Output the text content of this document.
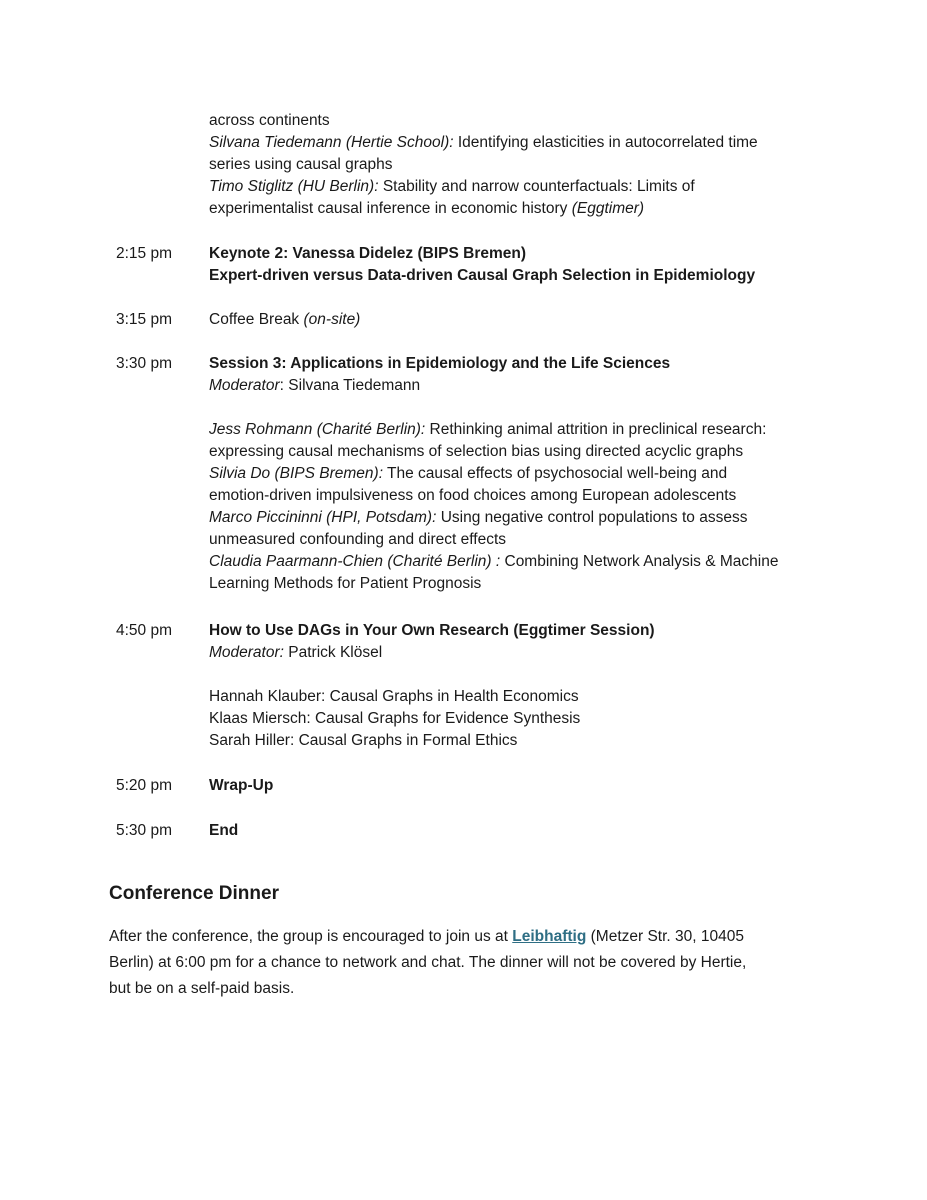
across continents
Silvana Tiedemann (Hertie School): Identifying elasticities in autocorrelated time
series using causal graphs
Timo Stiglitz (HU Berlin): Stability and narrow counterfactuals: Limits of
experimentalist causal inference in economic history (Eggtimer)
2:15 pm Keynote 2: Vanessa Didelez (BIPS Bremen)
Expert-driven versus Data-driven Causal Graph Selection in Epidemiology
3:15 pm Coffee Break (on-site)
3:30 pm Session 3: Applications in Epidemiology and the Life Sciences
Moderator: Silvana Tiedemann
Jess Rohmann (Charité Berlin): Rethinking animal attrition in preclinical research:
expressing causal mechanisms of selection bias using directed acyclic graphs
Silvia Do (BIPS Bremen): The causal effects of psychosocial well-being and
emotion-driven impulsiveness on food choices among European adolescents
Marco Piccininni (HPI, Potsdam): Using negative control populations to assess
unmeasured confounding and direct effects
Claudia Paarmann-Chien (Charité Berlin) : Combining Network Analysis & Machine
Learning Methods for Patient Prognosis
4:50 pm How to Use DAGs in Your Own Research (Eggtimer Session)
Moderator: Patrick Klösel
Hannah Klauber: Causal Graphs in Health Economics
Klaas Miersch: Causal Graphs for Evidence Synthesis
Sarah Hiller: Causal Graphs in Formal Ethics
5:20 pm Wrap-Up
5:30 pm End
Conference Dinner
After the conference, the group is encouraged to join us at Leibhaftig (Metzer Str. 30, 10405
Berlin) at 6:00 pm for a chance to network and chat. The dinner will not be covered by Hertie,
but be on a self-paid basis.
